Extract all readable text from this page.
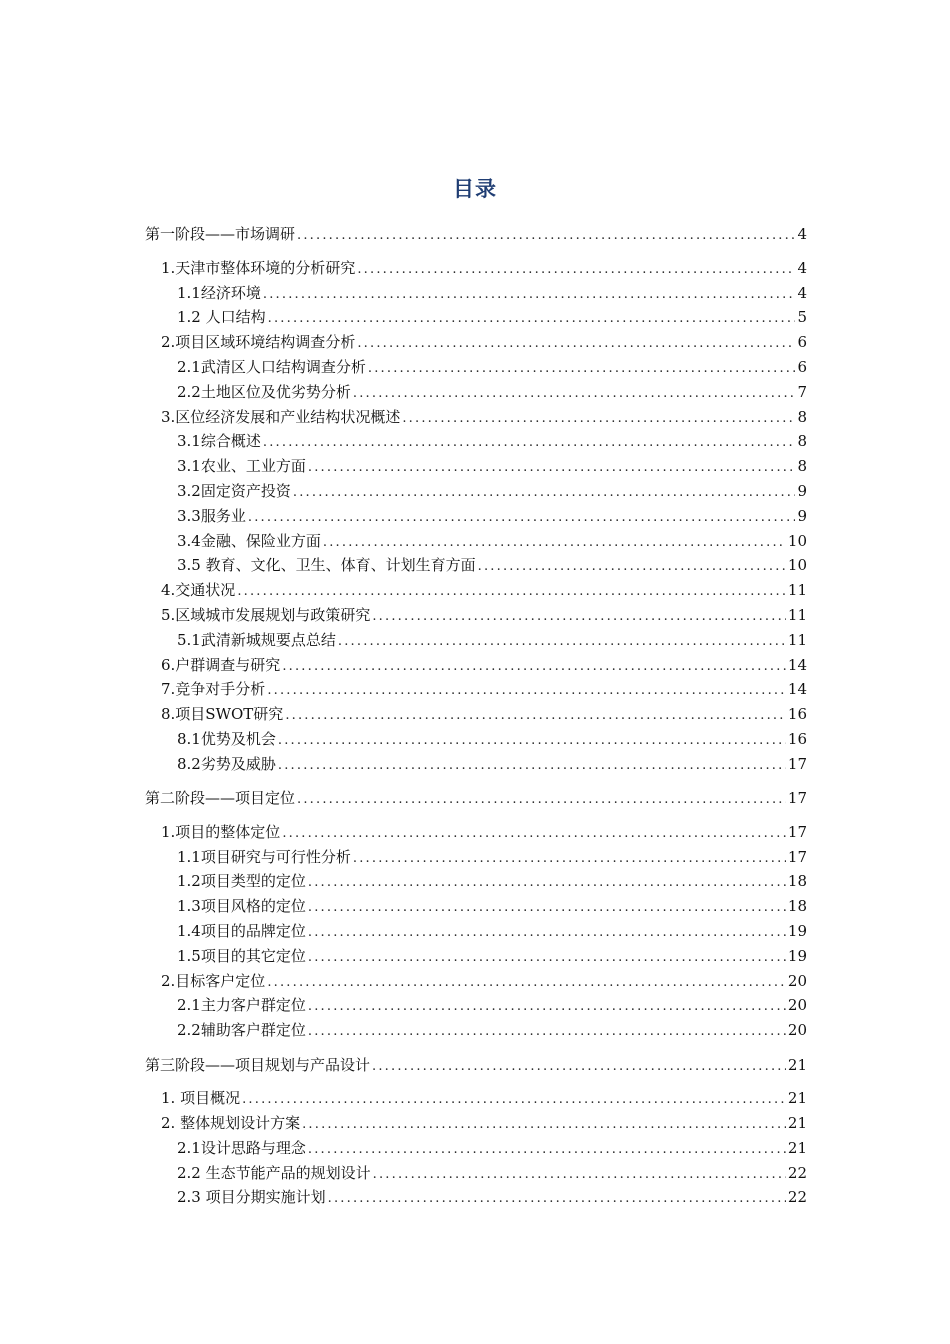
目录
第一阶段——市场调研 .....	4
1.天津市整体环境的分析研究 .....	4
1.1经济环境 .....	4
1.2 人口结构 .....	5
2.项目区域环境结构调查分析 .....	6
2.1武清区人口结构调查分析 .....	6
2.2土地区位及优劣势分析 .....	7
3.区位经济发展和产业结构状况概述 .....	8
3.1综合概述 .....	8
3.1农业、工业方面 .....	8
3.2固定资产投资 .....	9
3.3服务业 .....	9
3.4金融、保险业方面 .....	10
3.5 教育、文化、卫生、体育、计划生育方面 .....	10
4.交通状况 .....	11
5.区域城市发展规划与政策研究 .....	11
5.1武清新城规要点总结 .....	11
6.户群调查与研究 .....	14
7.竞争对手分析 .....	14
8.项目SWOT研究 .....	16
8.1优势及机会 .....	16
8.2劣势及威胁 .....	17
第二阶段——项目定位 .....	17
1.项目的整体定位 .....	17
1.1项目研究与可行性分析 .....	17
1.2项目类型的定位 .....	18
1.3项目风格的定位 .....	18
1.4项目的品牌定位 .....	19
1.5项目的其它定位 .....	19
2.目标客户定位 .....	20
2.1主力客户群定位 .....	20
2.2辅助客户群定位 .....	20
第三阶段——项目规划与产品设计 .....	21
1. 项目概况 .....	21
2. 整体规划设计方案 .....	21
2.1设计思路与理念 .....	21
2.2 生态节能产品的规划设计 .....	22
2.3 项目分期实施计划 .....	22
